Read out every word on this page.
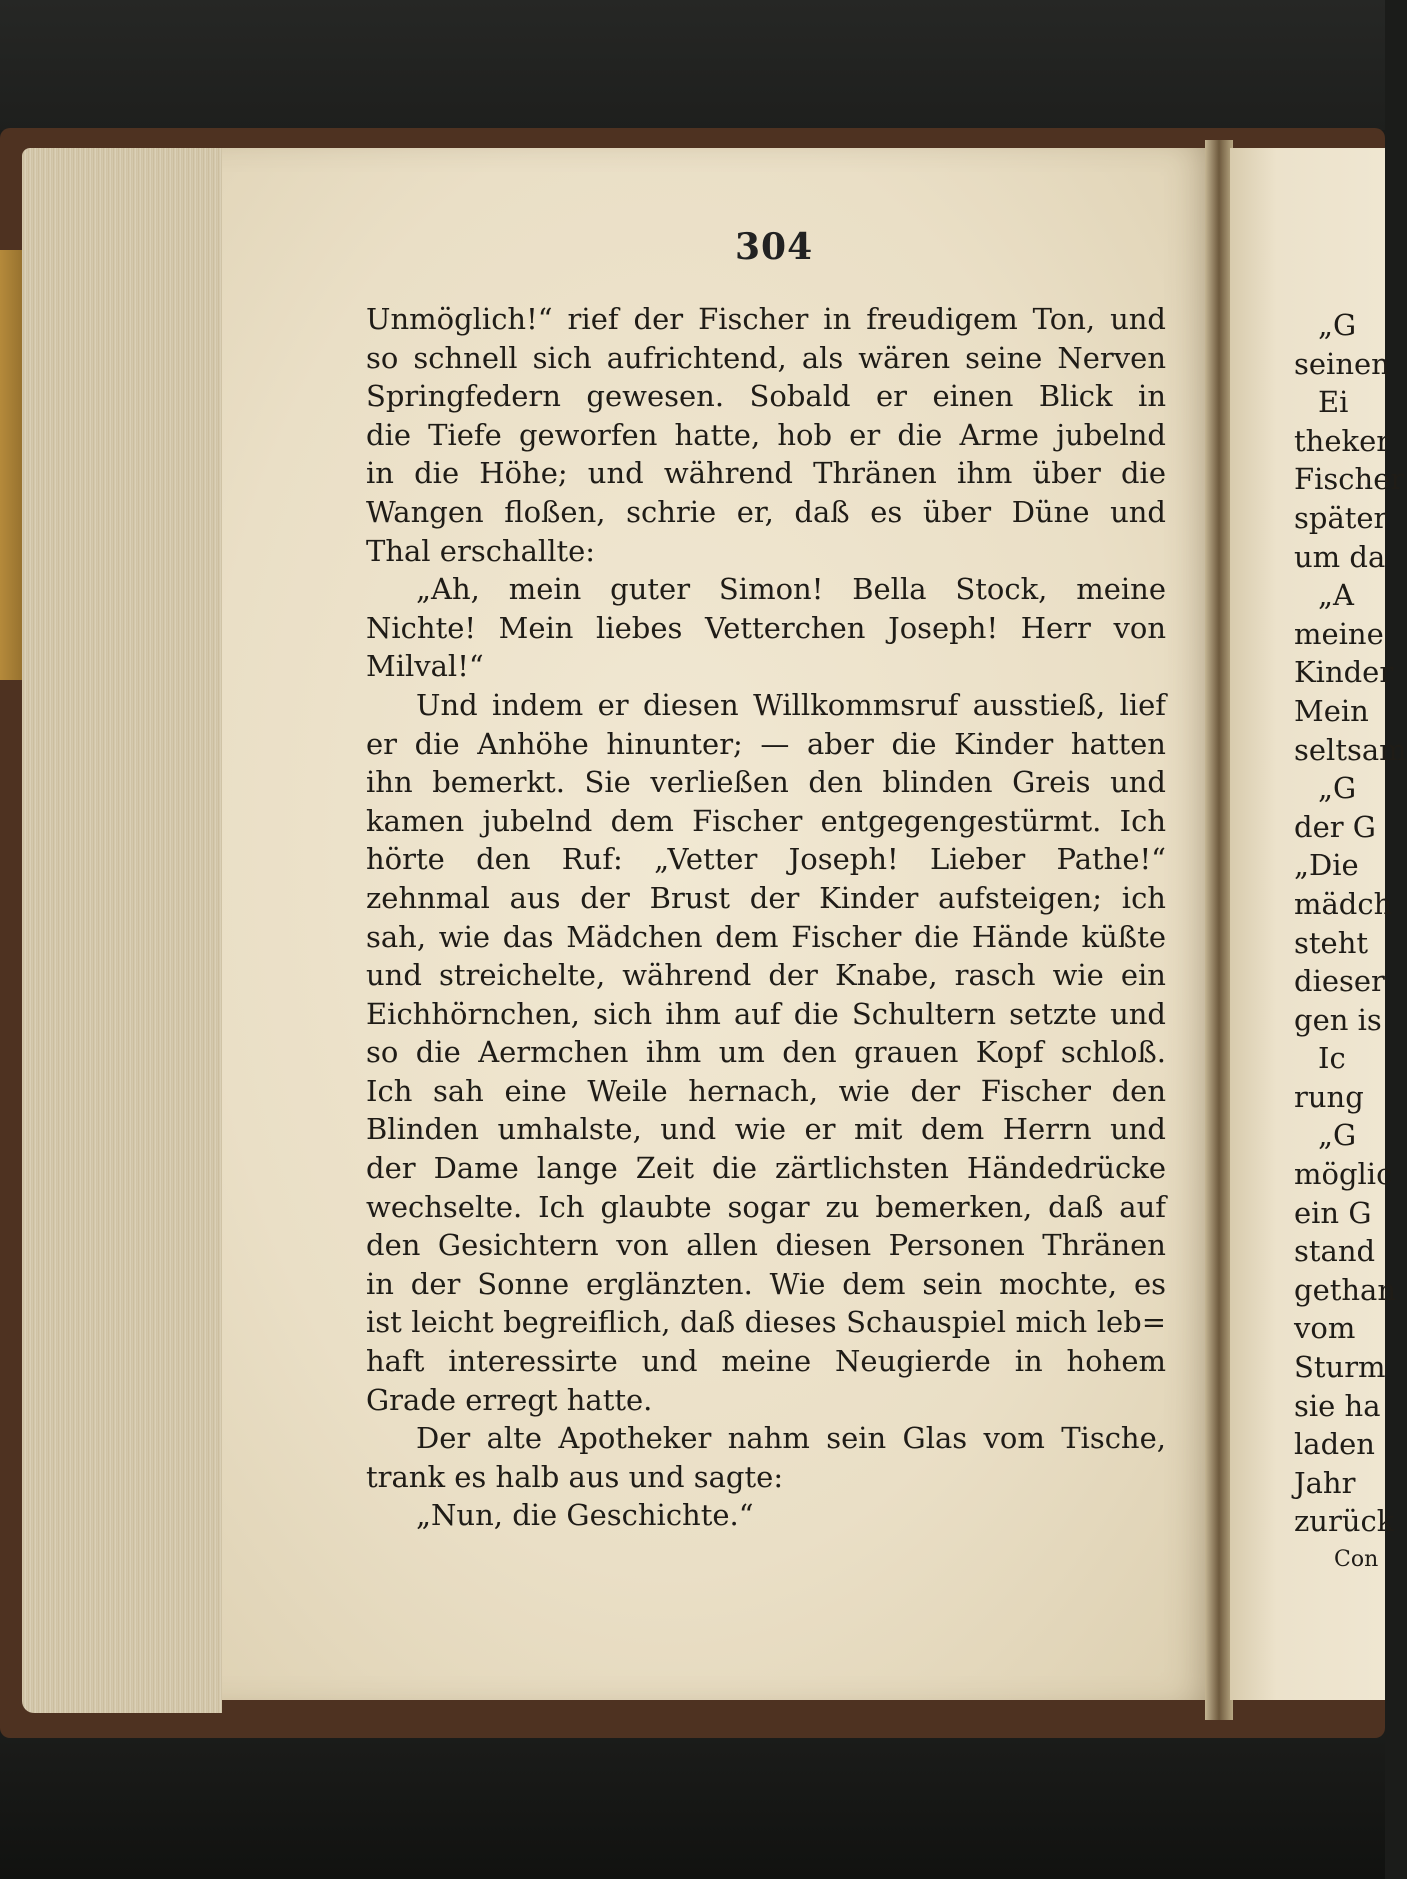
304
Unmöglich!“ rief der Fischer in freudigem Ton, und
so schnell sich aufrichtend, als wären seine Nerven
Springfedern gewesen. Sobald er einen Blick in
die Tiefe geworfen hatte, hob er die Arme jubelnd
in die Höhe; und während Thränen ihm über die
Wangen floßen, schrie er, daß es über Düne und
Thal erschallte:
„Ah, mein guter Simon! Bella Stock, meine
Nichte! Mein liebes Vetterchen Joseph! Herr von
Milval!“
Und indem er diesen Willkommsruf ausstieß, lief
er die Anhöhe hinunter; — aber die Kinder hatten
ihn bemerkt. Sie verließen den blinden Greis und
kamen jubelnd dem Fischer entgegengestürmt. Ich
hörte den Ruf: „Vetter Joseph! Lieber Pathe!“
zehnmal aus der Brust der Kinder aufsteigen; ich
sah, wie das Mädchen dem Fischer die Hände küßte
und streichelte, während der Knabe, rasch wie ein
Eichhörnchen, sich ihm auf die Schultern setzte und
so die Aermchen ihm um den grauen Kopf schloß.
Ich sah eine Weile hernach, wie der Fischer den
Blinden umhalste, und wie er mit dem Herrn und
der Dame lange Zeit die zärtlichsten Händedrücke
wechselte. Ich glaubte sogar zu bemerken, daß auf
den Gesichtern von allen diesen Personen Thränen
in der Sonne erglänzten. Wie dem sein mochte, es
ist leicht begreiflich, daß dieses Schauspiel mich leb=
haft interessirte und meine Neugierde in hohem
Grade erregt hatte.
Der alte Apotheker nahm sein Glas vom Tische,
trank es halb aus und sagte:
„Nun, die Geschichte.“
„G
seinen
Ei
theker
Fischer
später
um da
„A
meine
Kinder
Mein
seltsam
„G
der G
„Die
mädch
steht
dieser
gen is
Ic
rung
„G
möglic
ein G
stand
gethan
vom
Sturm
sie ha
laden
Jahr
zurück
Con
